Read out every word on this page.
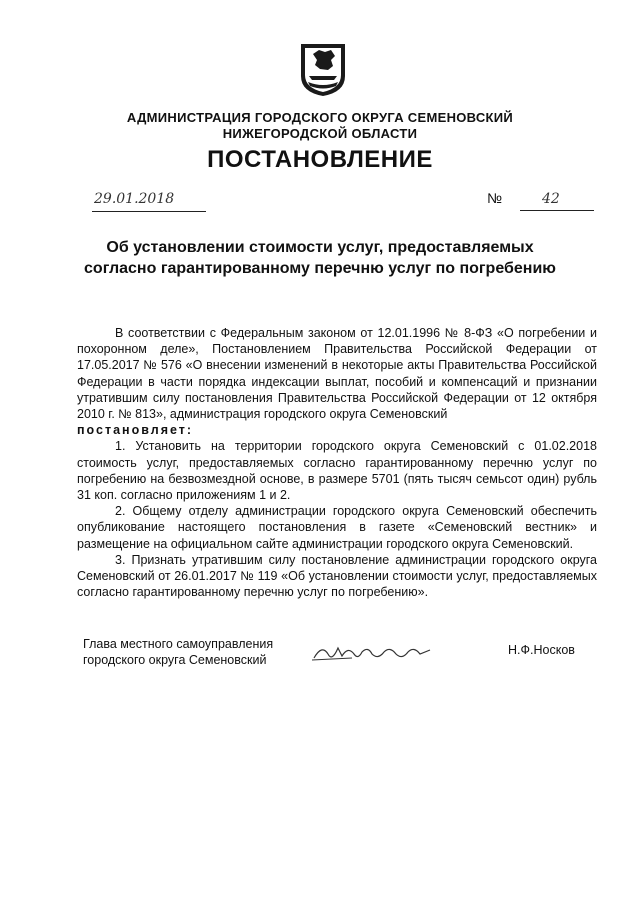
АДМИНИСТРАЦИЯ ГОРОДСКОГО ОКРУГА СЕМЕНОВСКИЙ
НИЖЕГОРОДСКОЙ ОБЛАСТИ
ПОСТАНОВЛЕНИЕ
29.01.2018	№	42
Об установлении стоимости услуг, предоставляемых
согласно гарантированному перечню услуг по погребению

В соответствии с Федеральным законом от 12.01.1996 № 8-ФЗ «О погребении и похоронном деле», Постановлением Правительства Российской Федерации от 17.05.2017 № 576 «О внесении изменений в некоторые акты Правительства Российской Федерации в части порядка индексации выплат, пособий и компенсаций и признании утратившим силу постановления Правительства Российской Федерации от 12 октября 2010 г. № 813», администрация городского округа Семеновский

постановляет:

1. Установить на территории городского округа Семеновский с 01.02.2018 стоимость услуг, предоставляемых согласно гарантированному перечню услуг по погребению на безвозмездной основе, в размере 5701 (пять тысяч семьсот один) рубль 31 коп. согласно приложениям 1 и 2.

2. Общему отделу администрации городского округа Семеновский обеспечить опубликование настоящего постановления в газете «Семеновский вестник» и размещение на официальном сайте администрации городского округа Семеновский.

3. Признать утратившим силу постановление администрации городского округа Семеновский от 26.01.2017 № 119 «Об установлении стоимости услуг, предоставляемых согласно гарантированному перечню услуг по погребению».

Глава местного самоуправления
городского округа Семеновский
Н.Ф.Носков
